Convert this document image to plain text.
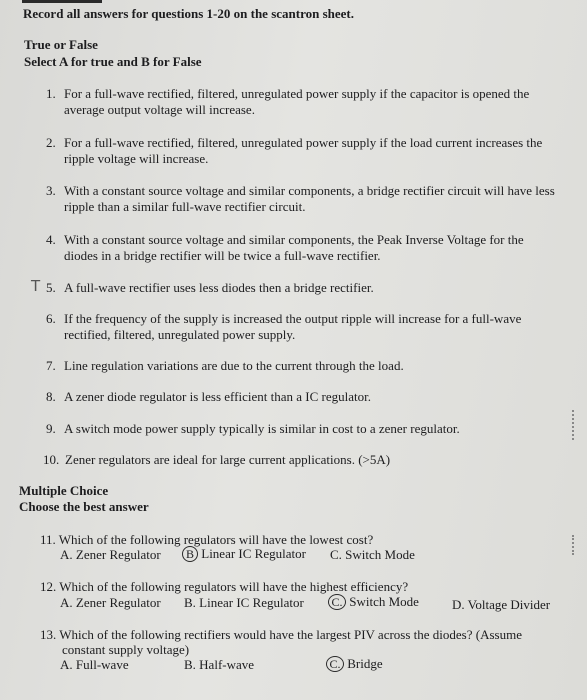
Record all answers for questions 1-20 on the scantron sheet.
True or False
Select A for true and B for False
1. For a full-wave rectified, filtered, unregulated power supply if the capacitor is opened the
average output voltage will increase.
2. For a full-wave rectified, filtered, unregulated power supply if the load current increases the
ripple voltage will increase.
3. With a constant source voltage and similar components, a bridge rectifier circuit will have less
ripple than a similar full-wave rectifier circuit.
4. With a constant source voltage and similar components, the Peak Inverse Voltage for the
diodes in a bridge rectifier will be twice a full-wave rectifier.
T 5. A full-wave rectifier uses less diodes then a bridge rectifier.
6. If the frequency of the supply is increased the output ripple will increase for a full-wave
rectified, filtered, unregulated power supply.
7. Line regulation variations are due to the current through the load.
8. A zener diode regulator is less efficient than a IC regulator.
9. A switch mode power supply typically is similar in cost to a zener regulator.
10. Zener regulators are ideal for large current applications. (>5A)
Multiple Choice
Choose the best answer
11. Which of the following regulators will have the lowest cost?
A. Zener Regulator	B Linear IC Regulator C. Switch Mode
12. Which of the following regulators will have the highest efficiency?
A. Zener Regulator B. Linear IC Regulator C. Switch Mode	D. Voltage Divider
13. Which of the following rectifiers would have the largest PIV across the diodes? (Assume
constant supply voltage)
A. Full-wave	B. Half-wave	C. Bridge
